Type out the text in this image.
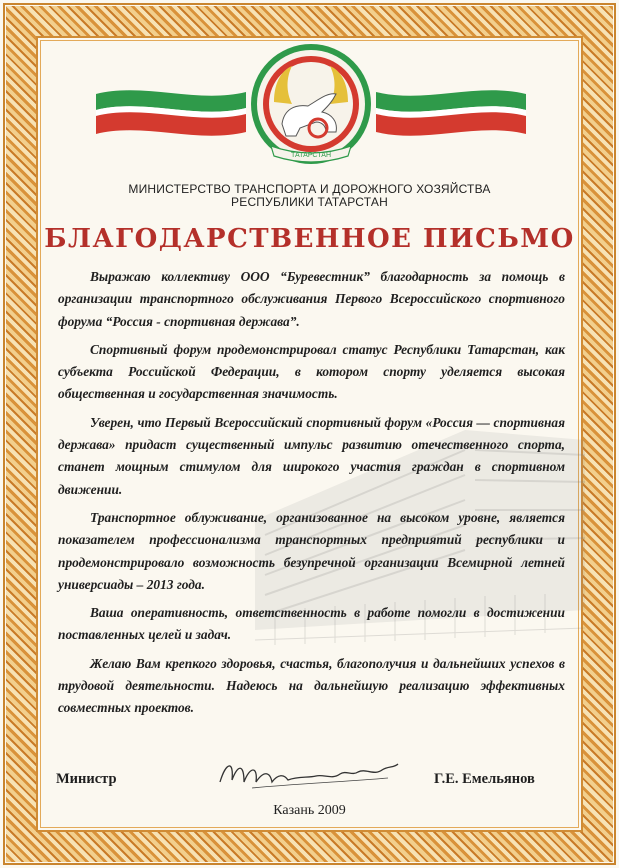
ТАТАРСТАН
МИНИСТЕРСТВО ТРАНСПОРТА И ДОРОЖНОГО ХОЗЯЙСТВА
РЕСПУБЛИКИ ТАТАРСТАН
БЛАГОДАРСТВЕННОЕ ПИСЬМО

Выражаю коллективу ООО “Буревестник” благодарность за помощь в организации транспортного обслуживания Первого Всероссийского спортивного форума “Россия - спортивная держава”.

Спортивный форум продемонстрировал статус Республики Татарстан, как субъекта Российской Федерации, в котором спорту уделяется высокая общественная и государственная значимость.

Уверен, что Первый Всероссийский спортивный форум «Россия — спортивная держава» придаст существенный импульс развитию отечественного спорта, станет мощным стимулом для широкого участия граждан в спортивном движении.

Транспортное облуживание, организованное на высоком уровне, является показателем профессионализма транспортных предприятий республики и продемонстрировало возможность безупречной организации Всемирной летней универсиады – 2013 года.

Ваша оперативность, ответственность в работе помогли в достижении поставленных целей и задач.

Желаю Вам крепкого здоровья, счастья, благополучия и дальнейших успехов в трудовой деятельности. Надеюсь на дальнейшую реализацию эффективных совместных проектов.

Министр	Г.Е. Емельянов
Казань 2009
